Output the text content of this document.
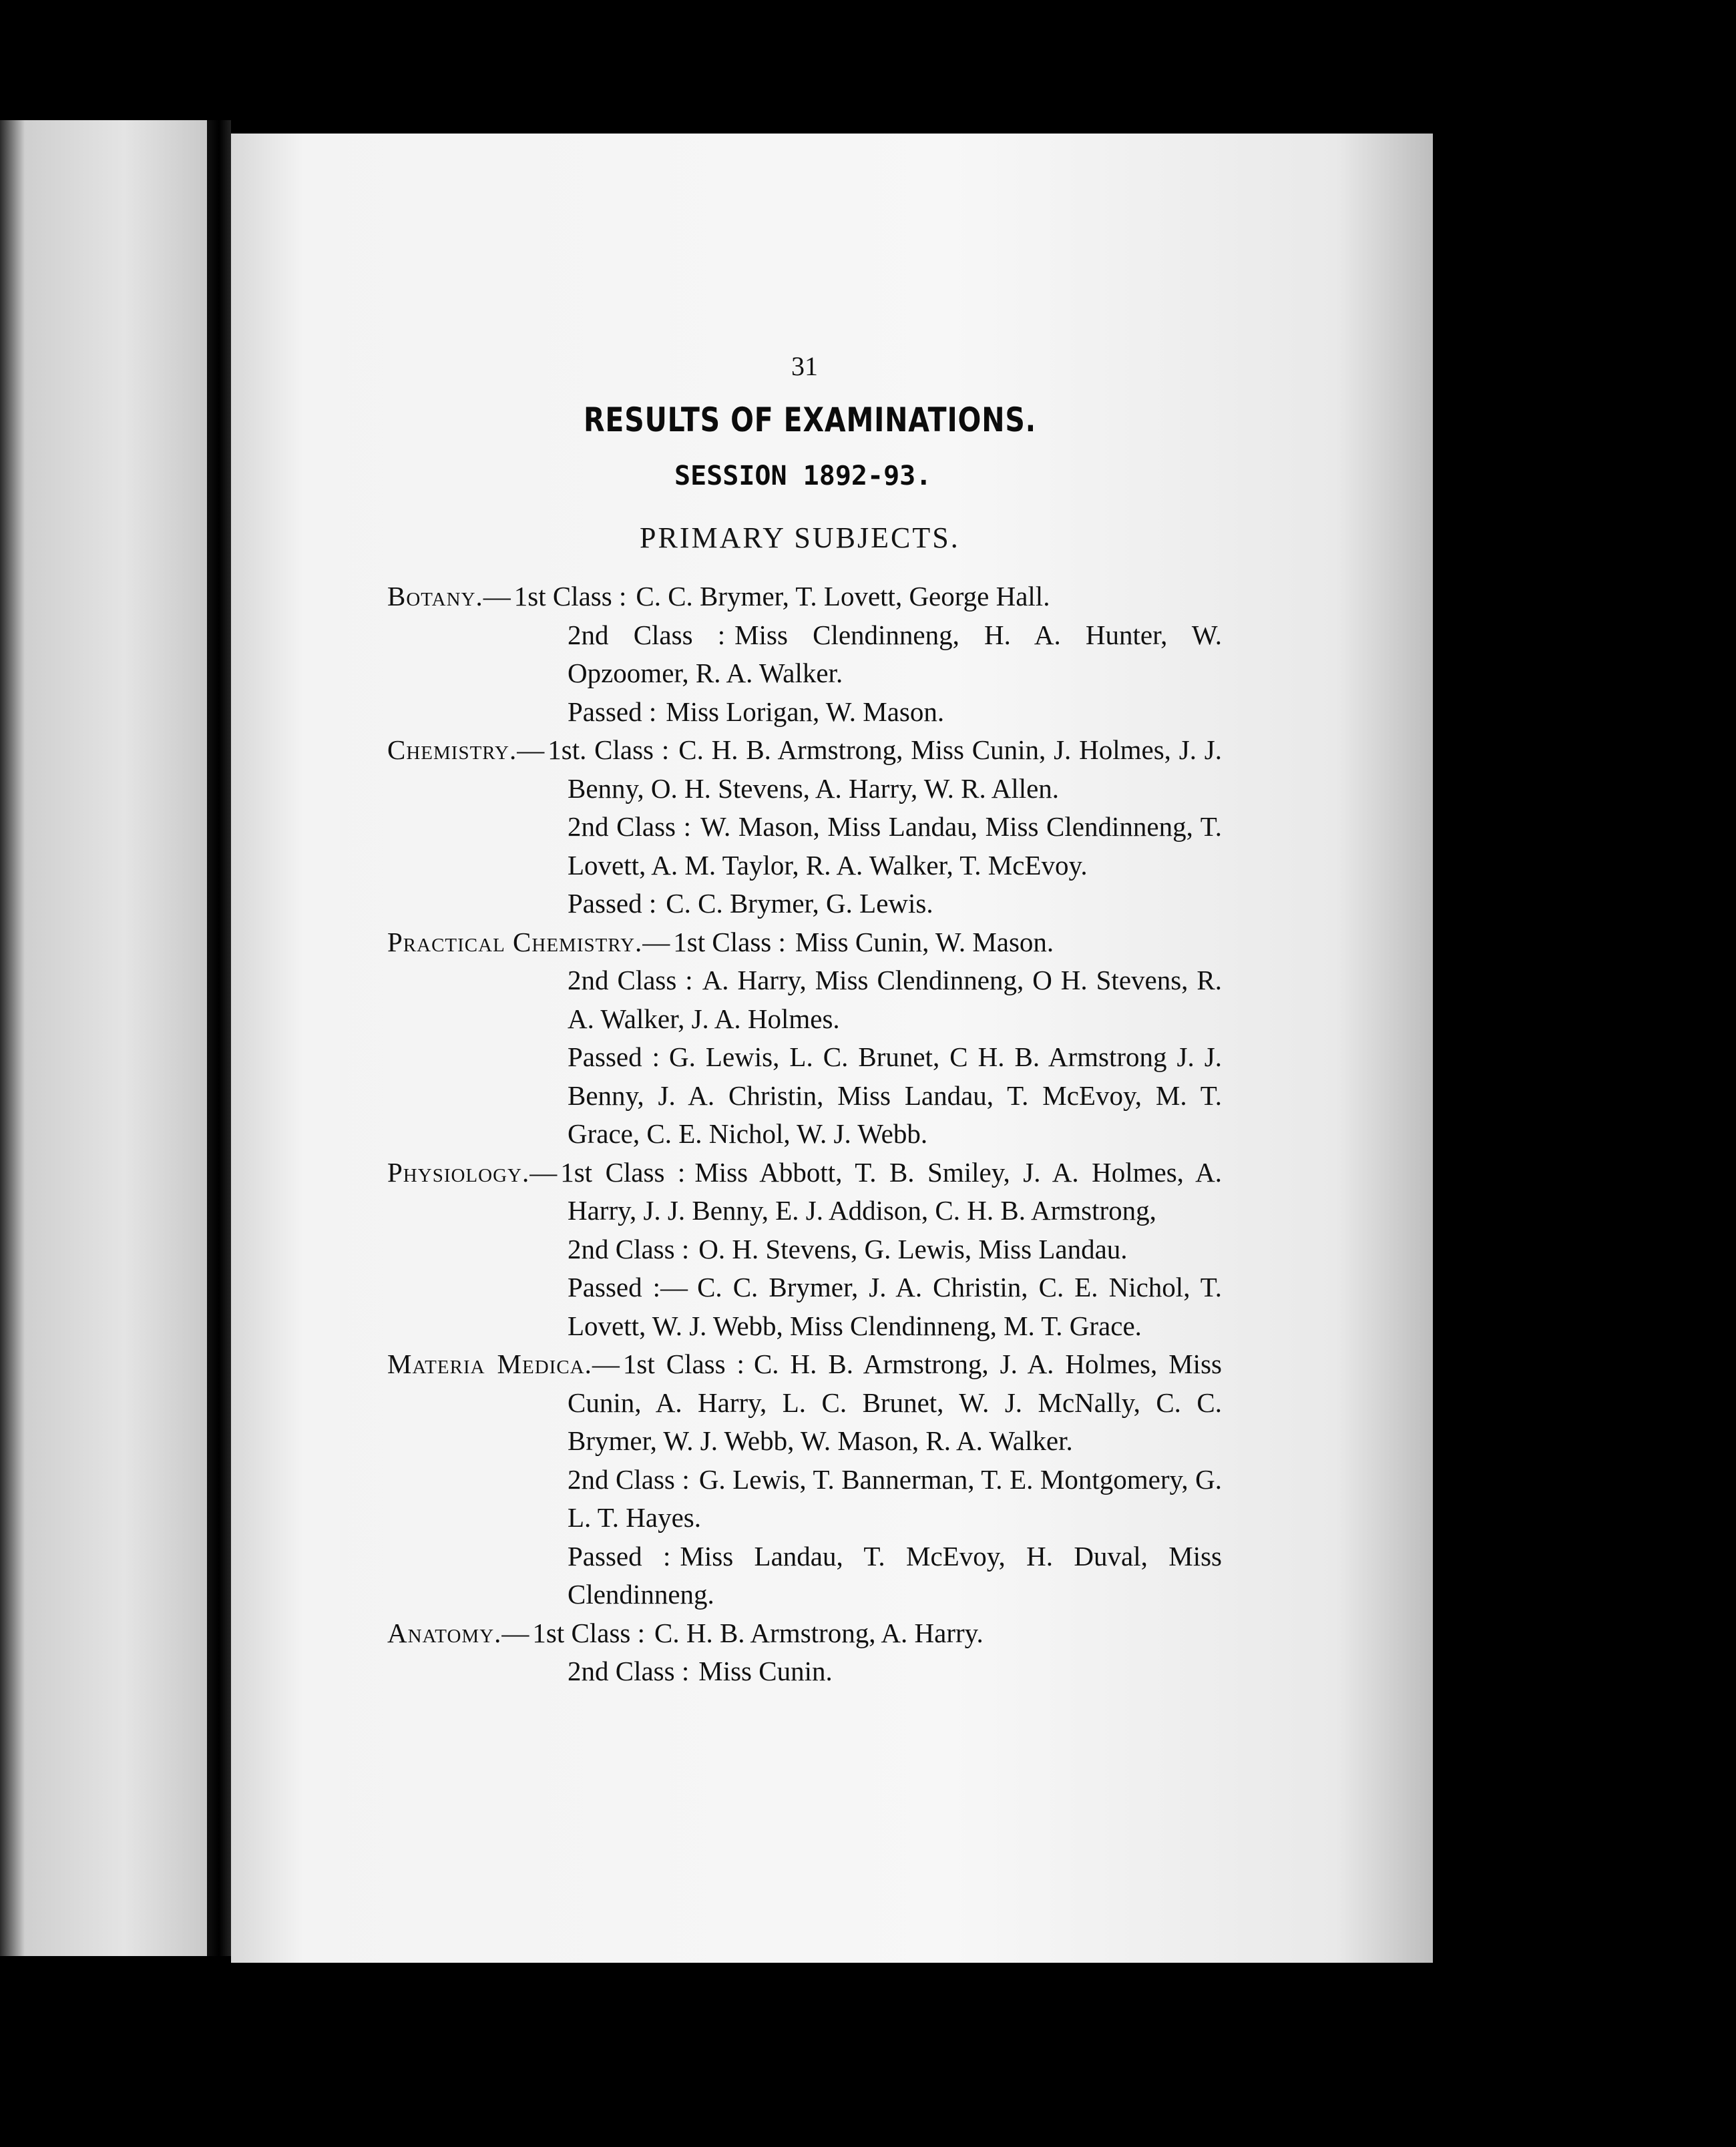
31
RESULTS OF EXAMINATIONS.
SESSION 1892-93.
PRIMARY SUBJECTS.
Botany.—1st Class : C. C. Brymer, T. Lovett, George Hall.
2nd Class : Miss Clendinneng, H. A. Hunter, W. Opzoomer, R. A. Walker.
Passed : Miss Lorigan, W. Mason.
Chemistry.—1st. Class : C. H. B. Armstrong, Miss Cunin, J. Holmes, J. J. Benny, O. H. Stevens, A. Harry, W. R. Allen.
2nd Class : W. Mason, Miss Landau, Miss Clendinneng, T. Lovett, A. M. Taylor, R. A. Walker, T. McEvoy.
Passed : C. C. Brymer, G. Lewis.
Practical Chemistry.—1st Class : Miss Cunin, W. Mason.
2nd Class : A. Harry, Miss Clendinneng, O H. Stevens, R. A. Walker, J. A. Holmes.
Passed : G. Lewis, L. C. Brunet, C H. B. Armstrong J. J. Benny, J. A. Christin, Miss Landau, T. McEvoy, M. T. Grace, C. E. Nichol, W. J. Webb.
Physiology.—1st Class : Miss Abbott, T. B. Smiley, J. A. Holmes, A. Harry, J. J. Benny, E. J. Addison, C. H. B. Armstrong,
2nd Class : O. H. Stevens, G. Lewis, Miss Landau.
Passed :— C. C. Brymer, J. A. Christin, C. E. Nichol, T. Lovett, W. J. Webb, Miss Clendinneng, M. T. Grace.
Materia Medica.—1st Class : C. H. B. Armstrong, J. A. Holmes, Miss Cunin, A. Harry, L. C. Brunet, W. J. McNally, C. C. Brymer, W. J. Webb, W. Mason, R. A. Walker.
2nd Class : G. Lewis, T. Bannerman, T. E. Montgomery, G. L. T. Hayes.
Passed : Miss Landau, T. McEvoy, H. Duval, Miss Clendinneng.
Anatomy.—1st Class : C. H. B. Armstrong, A. Harry.
2nd Class : Miss Cunin.
